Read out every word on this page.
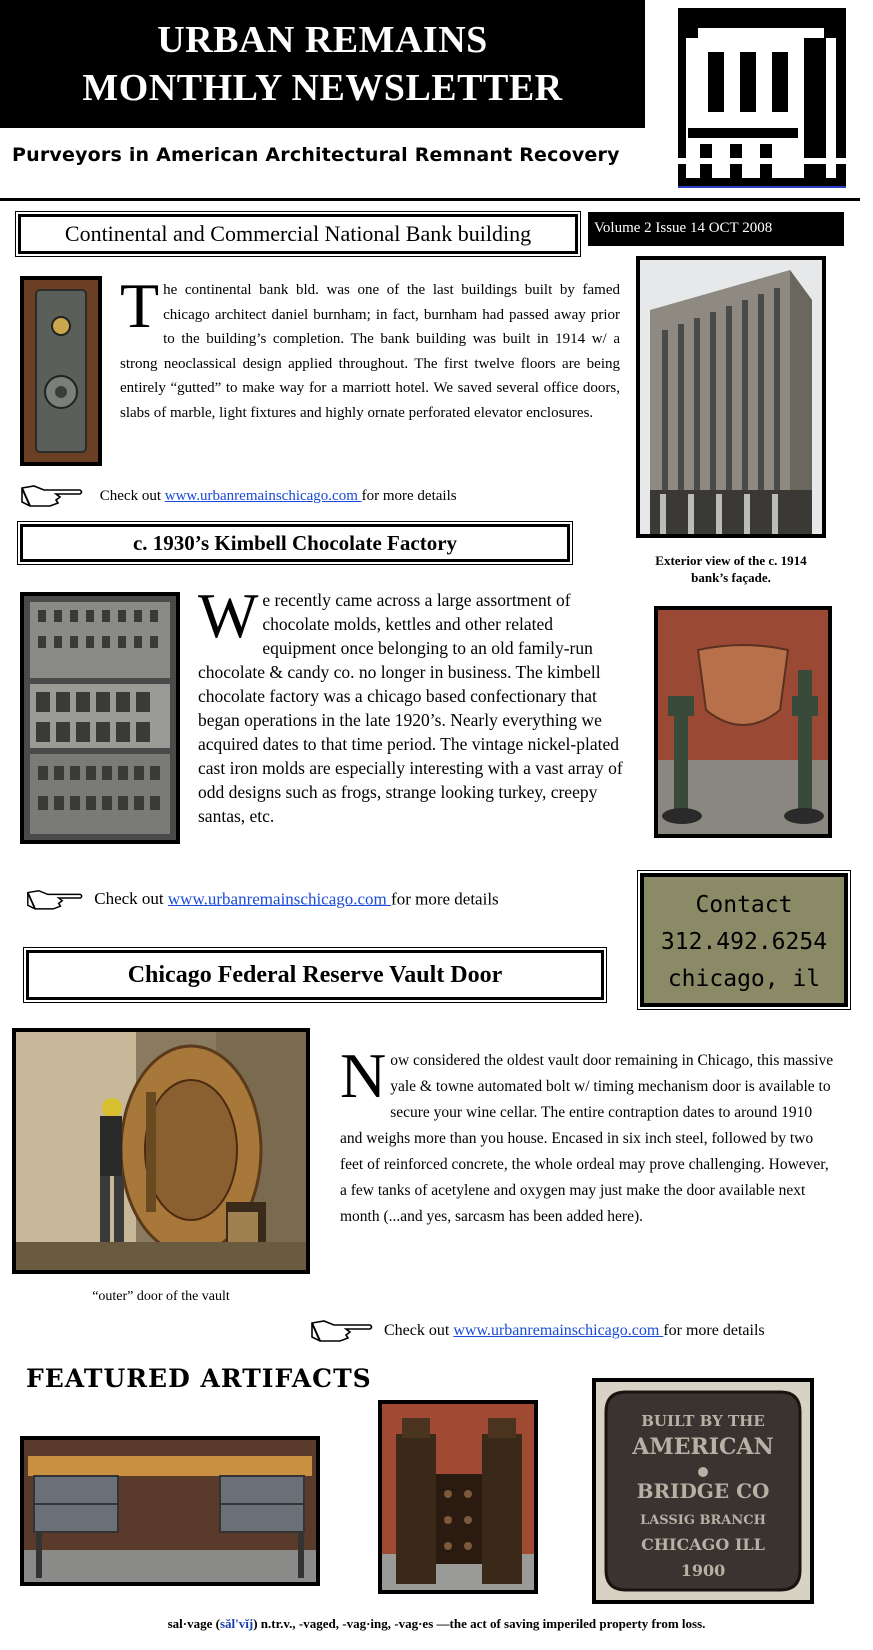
URBAN REMAINS MONTHLY NEWSLETTER
Purveyors in American Architectural Remnant Recovery
Continental and Commercial National Bank building	Volume 2 Issue 14 OCT 2008
The continental bank bld. was one of the last buildings built by famed chicago architect daniel burnham; in fact, burnham had passed away prior to the building’s completion. The bank building was built in 1914 w/ a strong neoclassical design applied throughout. The first twelve floors are being entirely “gutted” to make way for a marriott hotel. We saved several office doors, slabs of marble, light fixtures and highly ornate perforated elevator enclosures.
Exterior view of the c. 1914 bank’s façade.
Check out www.urbanremainschicago.com for more details
c. 1930’s Kimbell Chocolate Factory
We recently came across a large assortment of chocolate molds, kettles and other related equipment once belonging to an old family-run chocolate & candy co. no longer in business. The kimbell chocolate factory was a chicago based confectionary that began operations in the late 1920’s. Nearly everything we acquired dates to that time period. The vintage nickel-plated cast iron molds are especially interesting with a vast array of odd designs such as frogs, strange looking turkey, creepy santas, etc.
Check out www.urbanremainschicago.com for more details	Contact
312.492.6254
chicago, il
Chicago Federal Reserve Vault Door
“outer” door of the vault
Now considered the oldest vault door remaining in Chicago, this massive yale & towne automated bolt w/ timing mechanism door is available to secure your wine cellar. The entire contraption dates to around 1910 and weighs more than you house. Encased in six inch steel, followed by two feet of reinforced concrete, the whole ordeal may prove challenging. However, a few tanks of acetylene and oxygen may just make the door available next month (...and yes, sarcasm has been added here).
Check out www.urbanremainschicago.com for more details
FEATURED ARTIFACTS
BUILT BY THE
AMERICAN
BRIDGE CO
LASSIG BRANCH
CHICAGO ILL
1900
sal·vage (săl'vĭj) n.tr.v., -vaged, -vag·ing, -vag·es —the act of saving imperiled property from loss.
